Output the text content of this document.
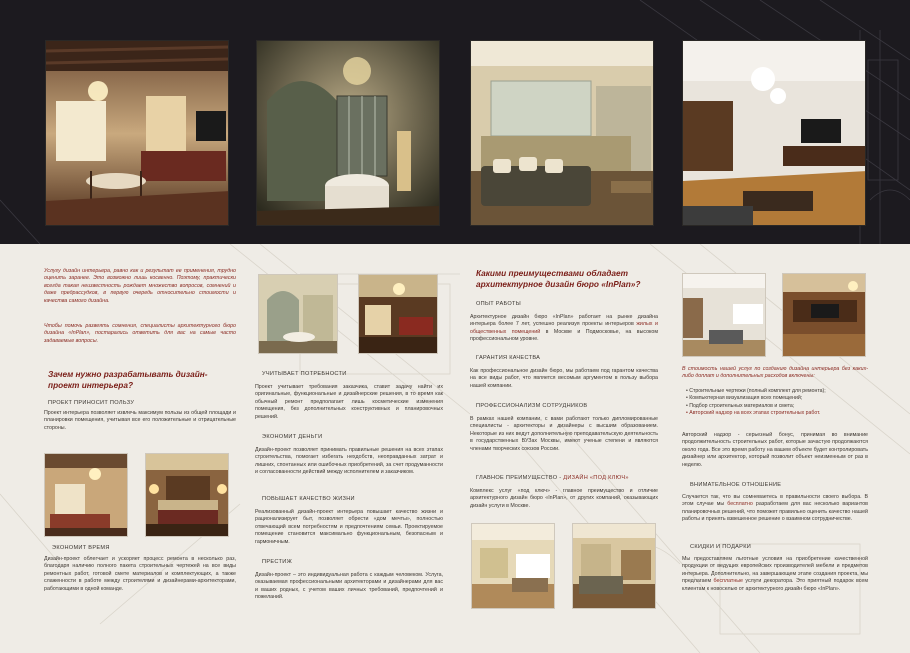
Услугу дизайн интерьера, равно как и результат ее применения, трудно оценить заранее. Это возможно лишь косвенно. Поэтому, практически всегда такая неизвестность рождает множество вопросов, сомнений и даже предрассудков, в первую очередь относительно стоимости и качества самого дизайна.
Чтобы помочь развеять сомнения, специалисты архитектурного бюро дизайна «InPlan», постарались ответить для вас на самые часто задаваемые вопросы.
Зачем нужно разрабатывать дизайн-проект интерьера?
ПРОЕКТ ПРИНОСИТ ПОЛЬЗУ
Проект интерьера позволяет извлечь максимум пользы из общей площади и планировки помещения, учитывая все его положительные и отрицательные стороны.
ЭКОНОМИТ ВРЕМЯ
Дизайн-проект облегчает и ускоряет процесс ремонта в несколько раз, благодаря наличию полного пакета строительных чертежей на все виды ремонтных работ, готовой смете материалов и комплектующих, а также слаженности в работе между строителями и дизайнерами-архитекторами, работающими в одной команде.
УЧИТЫВАЕТ ПОТРЕБНОСТИ
Проект учитывает требования заказчика, ставит задачу найти их оригинальные, функциональные и дизайнерские решения, в то время как обычный ремонт предполагает лишь косметические изменения помещения, без дополнительных конструктивных и планировочных решений.
ЭКОНОМИТ ДЕНЬГИ
Дизайн-проект позволяет принимать правильные решения на всех этапах строительства, помогает избегать нехдобств, неоправданных затрат и лишних, спонтанных или ошибочных приобретений, за счет продуманности и согласованности действий между исполнителем и заказчиком.
ПОВЫШАЕТ КАЧЕСТВО ЖИЗНИ
Реализованный дизайн-проект интерьера повышает качество жизни и рационализирует быт, позволяет обрести «дом мечты», полностью отвечающий всем потребностям и предпочтениям семьи. Проектируемое помещение становится максимально функциональным, безопасным и гармоничным.
ПРЕСТИЖ
Дизайн-проект – это индивидуальная работа с каждым человеком. Услуга, оказываемая профессиональными архитекторами и дизайнерами для вас и ваших родных, с учетом ваших личных требований, предпочтений и пожеланий.
Какими преимуществами обладает архитектурное дизайн бюро «InPlan»?
ОПЫТ РАБОТЫ
Архитектурное дизайн бюро «InPlan» работает на рынке дизайна интерьера более 7 лет, успешно реализуя проекты интерьеров жилых и общественных помещений в Москве и Подмосковье, на высоком профессиональном уровне.
ГАРАНТИЯ КАЧЕСТВА
Как профессиональное дизайн бюро, мы работаем под гарантом качества на все виды работ, что является весомым аргументом в пользу выбора нашей компании.
ПРОФЕССИОНАЛИЗМ СОТРУДНИКОВ
В рамках нашей компании, с вами работают только дипломированные специалисты - архитекторы и дизайнеры с высшим образованием. Некоторые из них ведут дополнительную преподавательскую деятельность в государственных ВУЗах Москвы, имеют ученые степени и являются членами творческих союзов России.
ГЛАВНОЕ ПРЕИМУЩЕСТВО - ДИЗАЙН «ПОД КЛЮЧ»
Комплекс услуг «под ключ» - главное преимущество и отличие архитектурного дизайн бюро «InPlan», от других компаний, оказывающих дизайн услуги в Москве.
В стоимость нашей услуг по созданию дизайна интерьера без каких-либо доплат и дополнительных расходов включены:
• Строительные чертежи (полный комплект для ремонта);
• Компьютерная визуализация всех помещений;
• Подбор строительных материалов и смета;
• Авторский надзор на всех этапах строительных работ.
Авторский надзор - серьезный бонус, принимая во внимание продолжительность строительных работ, которые зачастую продолжаются около года. Все это время работу на вашем объекте будет контролировать дизайнер или архитектор, который позволит объект неизменным от раз в неделю.
ВНИМАТЕЛЬНОЕ ОТНОШЕНИЕ
Случается так, что вы сомневаетесь в правильности своего выбора. В этом случае мы бесплатно разработаем для вас несколько вариантов планировочных решений, что поможет правильно оценить качество нашей работы и принять взвешенное решение о взаимном сотрудничестве.
СКИДКИ И ПОДАРКИ
Мы предоставляем льготные условия на приобретение качественной продукции от ведущих европейских производителей мебели и предметов интерьера. Дополнительно, на завершающем этапе создания проекта, мы предлагаем бесплатные услуги декоратора. Это приятный подарок всем клиентам к новоселью от архитектурного дизайн бюро «InPlan».
